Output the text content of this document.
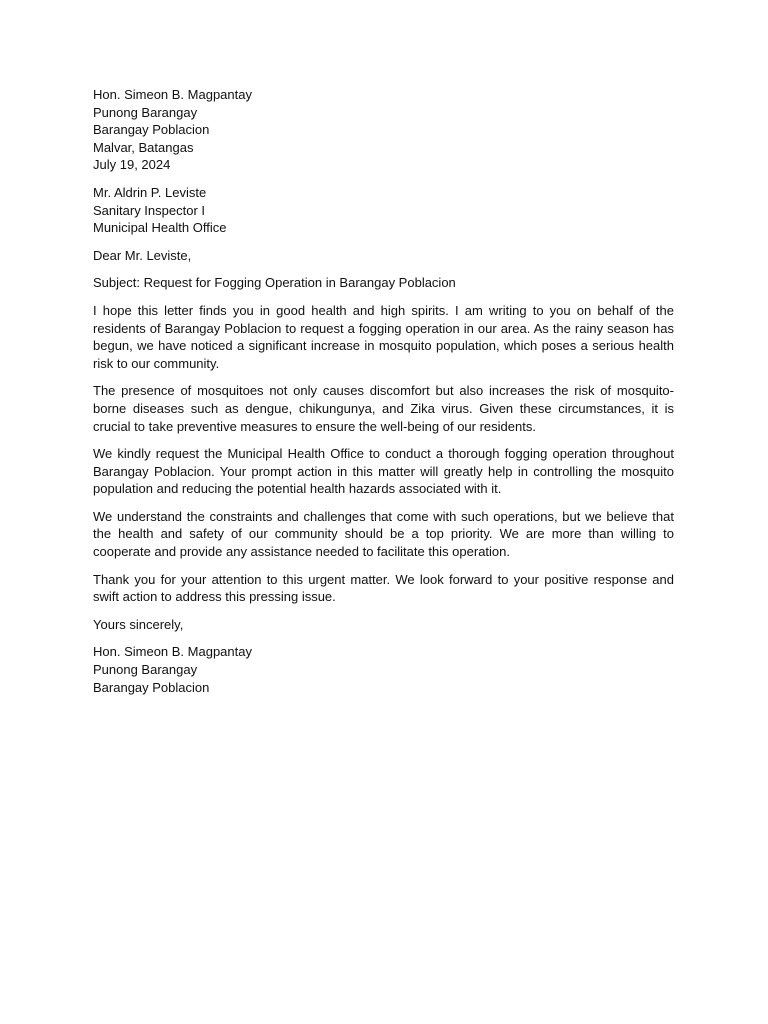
Hon. Simeon B. Magpantay
Punong Barangay
Barangay Poblacion
Malvar, Batangas
July 19, 2024
Mr. Aldrin P. Leviste
Sanitary Inspector I
Municipal Health Office

Dear Mr. Leviste,

Subject: Request for Fogging Operation in Barangay Poblacion

I hope this letter finds you in good health and high spirits. I am writing to you on behalf of the residents of Barangay Poblacion to request a fogging operation in our area. As the rainy season has begun, we have noticed a significant increase in mosquito population, which poses a serious health risk to our community.

The presence of mosquitoes not only causes discomfort but also increases the risk of mosquito-borne diseases such as dengue, chikungunya, and Zika virus. Given these circumstances, it is crucial to take preventive measures to ensure the well-being of our residents.

We kindly request the Municipal Health Office to conduct a thorough fogging operation throughout Barangay Poblacion. Your prompt action in this matter will greatly help in controlling the mosquito population and reducing the potential health hazards associated with it.

We understand the constraints and challenges that come with such operations, but we believe that the health and safety of our community should be a top priority. We are more than willing to cooperate and provide any assistance needed to facilitate this operation.

Thank you for your attention to this urgent matter. We look forward to your positive response and swift action to address this pressing issue.

Yours sincerely,

Hon. Simeon B. Magpantay
Punong Barangay
Barangay Poblacion
